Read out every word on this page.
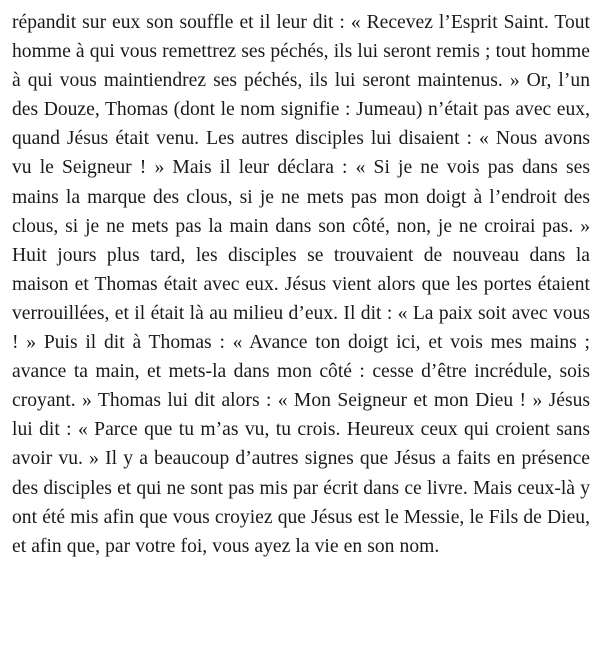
répandit sur eux son souffle et il leur dit : « Recevez l’Esprit Saint. Tout homme à qui vous remettrez ses péchés, ils lui seront remis ; tout homme à qui vous maintiendrez ses péchés, ils lui seront maintenus. » Or, l’un des Douze, Thomas (dont le nom signifie : Jumeau) n’était pas avec eux, quand Jésus était venu. Les autres disciples lui disaient : « Nous avons vu le Seigneur ! » Mais il leur déclara : « Si je ne vois pas dans ses mains la marque des clous, si je ne mets pas mon doigt à l’endroit des clous, si je ne mets pas la main dans son côté, non, je ne croirai pas. » Huit jours plus tard, les disciples se trouvaient de nouveau dans la maison et Thomas était avec eux. Jésus vient alors que les portes étaient verrouillées, et il était là au milieu d’eux. Il dit : « La paix soit avec vous ! » Puis il dit à Thomas : « Avance ton doigt ici, et vois mes mains ; avance ta main, et mets-la dans mon côté : cesse d’être incrédule, sois croyant. » Thomas lui dit alors : « Mon Seigneur et mon Dieu ! » Jésus lui dit : « Parce que tu m’as vu, tu crois. Heureux ceux qui croient sans avoir vu. » Il y a beaucoup d’autres signes que Jésus a faits en présence des disciples et qui ne sont pas mis par écrit dans ce livre. Mais ceux-là y ont été mis afin que vous croyiez que Jésus est le Messie, le Fils de Dieu, et afin que, par votre foi, vous ayez la vie en son nom.
